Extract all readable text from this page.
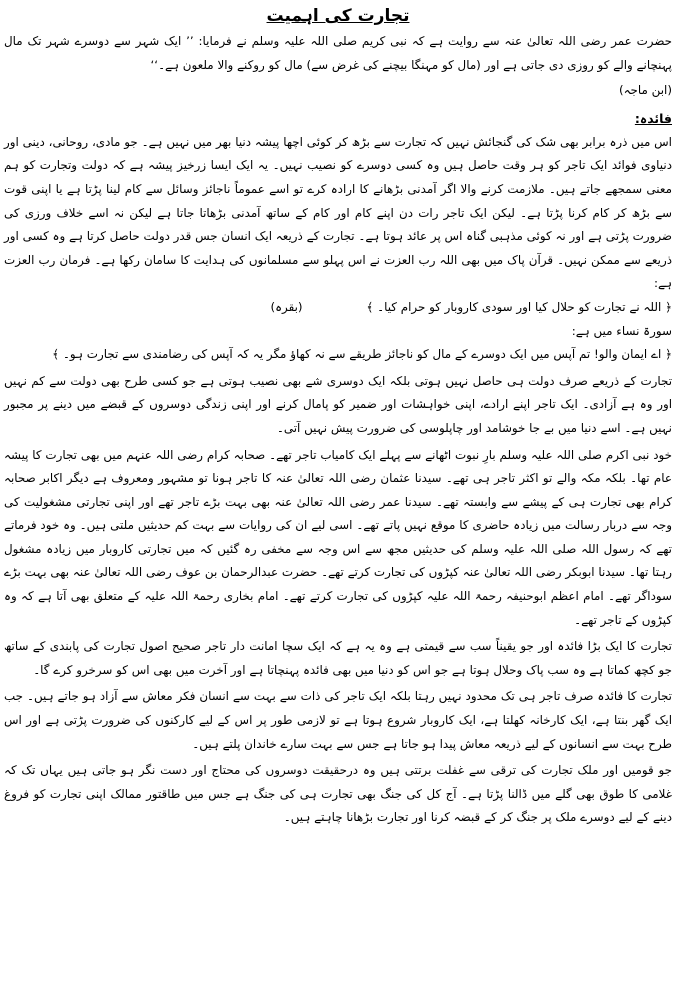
تجارت کی اہمیت

حضرت عمر رضی اللہ تعالیٰ عنہ سے روایت ہے کہ نبی کریم صلی اللہ علیہ وسلم نے فرمایا: ’’ ایک شہر سے دوسرے شہر تک مال پہنچانے والے کو روزی دی جاتی ہے اور (مال کو مہنگا بیچنے کی غرض سے) مال کو روکنے والا ملعون ہے۔‘‘

(ابن ماجہ)
فائدہ:

اس میں ذرہ برابر بھی شک کی گنجائش نہیں کہ تجارت سے بڑھ کر کوئی اچھا پیشہ دنیا بھر میں نہیں ہے۔ جو مادی، روحانی، دینی اور دنیاوی فوائد ایک تاجر کو ہر وقت حاصل ہیں وہ کسی دوسرے کو نصیب نہیں۔ یہ ایک ایسا زرخیز پیشہ ہے کہ دولت وتجارت کو ہم معنی سمجھے جاتے ہیں۔ ملازمت کرنے والا اگر آمدنی بڑھانے کا ارادہ کرے تو اسے عموماً ناجائز وسائل سے کام لینا پڑتا ہے یا اپنی قوت سے بڑھ کر کام کرنا پڑتا ہے۔ لیکن ایک تاجر رات دن اپنے کام اور کام کے ساتھ آمدنی بڑھاتا جاتا ہے لیکن نہ اسے خلاف ورزی کی ضرورت پڑتی ہے اور نہ کوئی مذہبی گناہ اس پر عائد ہوتا ہے۔ تجارت کے ذریعہ ایک انسان جس قدر دولت حاصل کرتا ہے وہ کسی اور ذریعے سے ممکن نہیں۔ قرآن پاک میں بھی اللہ رب العزت نے اس پہلو سے مسلمانوں کی ہدایت کا سامان رکھا ہے۔ فرمان رب العزت ہے:

﴿ اللہ نے تجارت کو حلال کیا اور سودی کاروبار کو حرام کیا۔ ﴾ (بقرہ)
سورۃ نساء میں ہے:

﴿ اے ایمان والو! تم آپس میں ایک دوسرے کے مال کو ناجائز طریقے سے نہ کھاؤ مگر یہ کہ آپس کی رضامندی سے تجارت ہو۔ ﴾

تجارت کے ذریعے صرف دولت ہی حاصل نہیں ہوتی بلکہ ایک دوسری شے بھی نصیب ہوتی ہے جو کسی طرح بھی دولت سے کم نہیں اور وہ ہے آزادی۔ ایک تاجر اپنے ارادے، اپنی خواہشات اور ضمیر کو پامال کرنے اور اپنی زندگی دوسروں کے قبضے میں دینے پر مجبور نہیں ہے۔ اسے دنیا میں بے جا خوشامد اور چاپلوسی کی ضرورت پیش نہیں آتی۔

خود نبی اکرم صلی اللہ علیہ وسلم بارِ نبوت اٹھانے سے پہلے ایک کامیاب تاجر تھے۔ صحابہ کرام رضی اللہ عنہم میں بھی تجارت کا پیشہ عام تھا۔ بلکہ مکہ والے تو اکثر تاجر ہی تھے۔ سیدنا عثمان رضی اللہ تعالیٰ عنہ کا تاجر ہونا تو مشہور ومعروف ہے دیگر اکابر صحابہ کرام بھی تجارت ہی کے پیشے سے وابستہ تھے۔ سیدنا عمر رضی اللہ تعالیٰ عنہ بھی بہت بڑے تاجر تھے اور اپنی تجارتی مشغولیت کی وجہ سے دربار رسالت میں زیادہ حاضری کا موقع نہیں پاتے تھے۔ اسی لیے ان کی روایات سے بہت کم حدیثیں ملتی ہیں۔ وہ خود فرماتے تھے کہ رسول اللہ صلی اللہ علیہ وسلم کی حدیثیں مجھ سے اس وجہ سے مخفی رہ گئیں کہ میں تجارتی کاروبار میں زیادہ مشغول رہتا تھا۔ سیدنا ابوبکر رضی اللہ تعالیٰ عنہ کپڑوں کی تجارت کرتے تھے۔ حضرت عبدالرحمان بن عوف رضی اللہ تعالیٰ عنہ بھی بہت بڑے سوداگر تھے۔ امام اعظم ابوحنیفہ رحمۃ اللہ علیہ کپڑوں کی تجارت کرتے تھے۔ امام بخاری رحمۃ اللہ علیہ کے متعلق بھی آتا ہے کہ وہ کپڑوں کے تاجر تھے۔

تجارت کا ایک بڑا فائدہ اور جو یقیناً سب سے قیمتی ہے وہ یہ ہے کہ ایک سچا امانت دار تاجر صحیح اصول تجارت کی پابندی کے ساتھ جو کچھ کماتا ہے وہ سب پاک وحلال ہوتا ہے جو اس کو دنیا میں بھی فائدہ پہنچاتا ہے اور آخرت میں بھی اس کو سرخرو کرے گا۔

تجارت کا فائدہ صرف تاجر ہی تک محدود نہیں رہتا بلکہ ایک تاجر کی ذات سے بہت سے انسان فکر معاش سے آزاد ہو جاتے ہیں۔ جب ایک گھر بنتا ہے، ایک کارخانہ کھلتا ہے، ایک کاروبار شروع ہوتا ہے تو لازمی طور پر اس کے لیے کارکنوں کی ضرورت پڑتی ہے اور اس طرح بہت سے انسانوں کے لیے ذریعہ معاش پیدا ہو جاتا ہے جس سے بہت سارے خاندان پلتے ہیں۔

جو قومیں اور ملک تجارت کی ترقی سے غفلت برتتی ہیں وہ درحقیقت دوسروں کی محتاج اور دست نگر ہو جاتی ہیں یہاں تک کہ غلامی کا طوق بھی گلے میں ڈالنا پڑتا ہے۔ آج کل کی جنگ بھی تجارت ہی کی جنگ ہے جس میں طاقتور ممالک اپنی تجارت کو فروغ دینے کے لیے دوسرے ملک پر جنگ کر کے قبضہ کرنا اور تجارت بڑھانا چاہتے ہیں۔
